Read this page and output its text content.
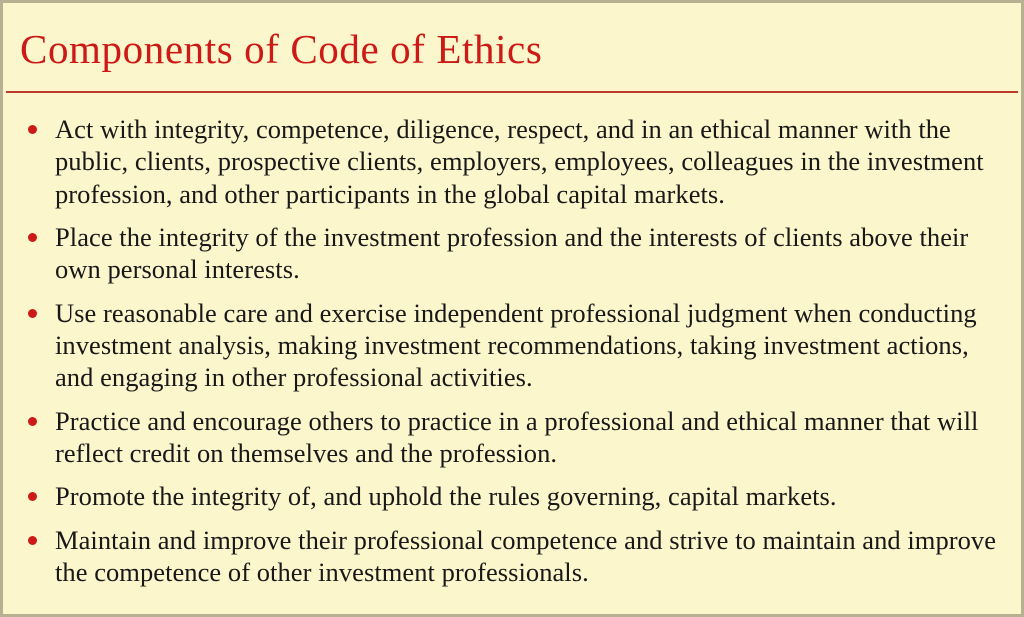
Components of Code of Ethics
Act with integrity, competence, diligence, respect, and in an ethical manner with the public, clients, prospective clients, employers, employees, colleagues in the investment profession, and other participants in the global capital markets.
Place the integrity of the investment profession and the interests of clients above their own personal interests.
Use reasonable care and exercise independent professional judgment when conducting investment analysis, making investment recommendations, taking investment actions, and engaging in other professional activities.
Practice and encourage others to practice in a professional and ethical manner that will reflect credit on themselves and the profession.
Promote the integrity of, and uphold the rules governing, capital markets.
Maintain and improve their professional competence and strive to maintain and improve the competence of other investment professionals.
